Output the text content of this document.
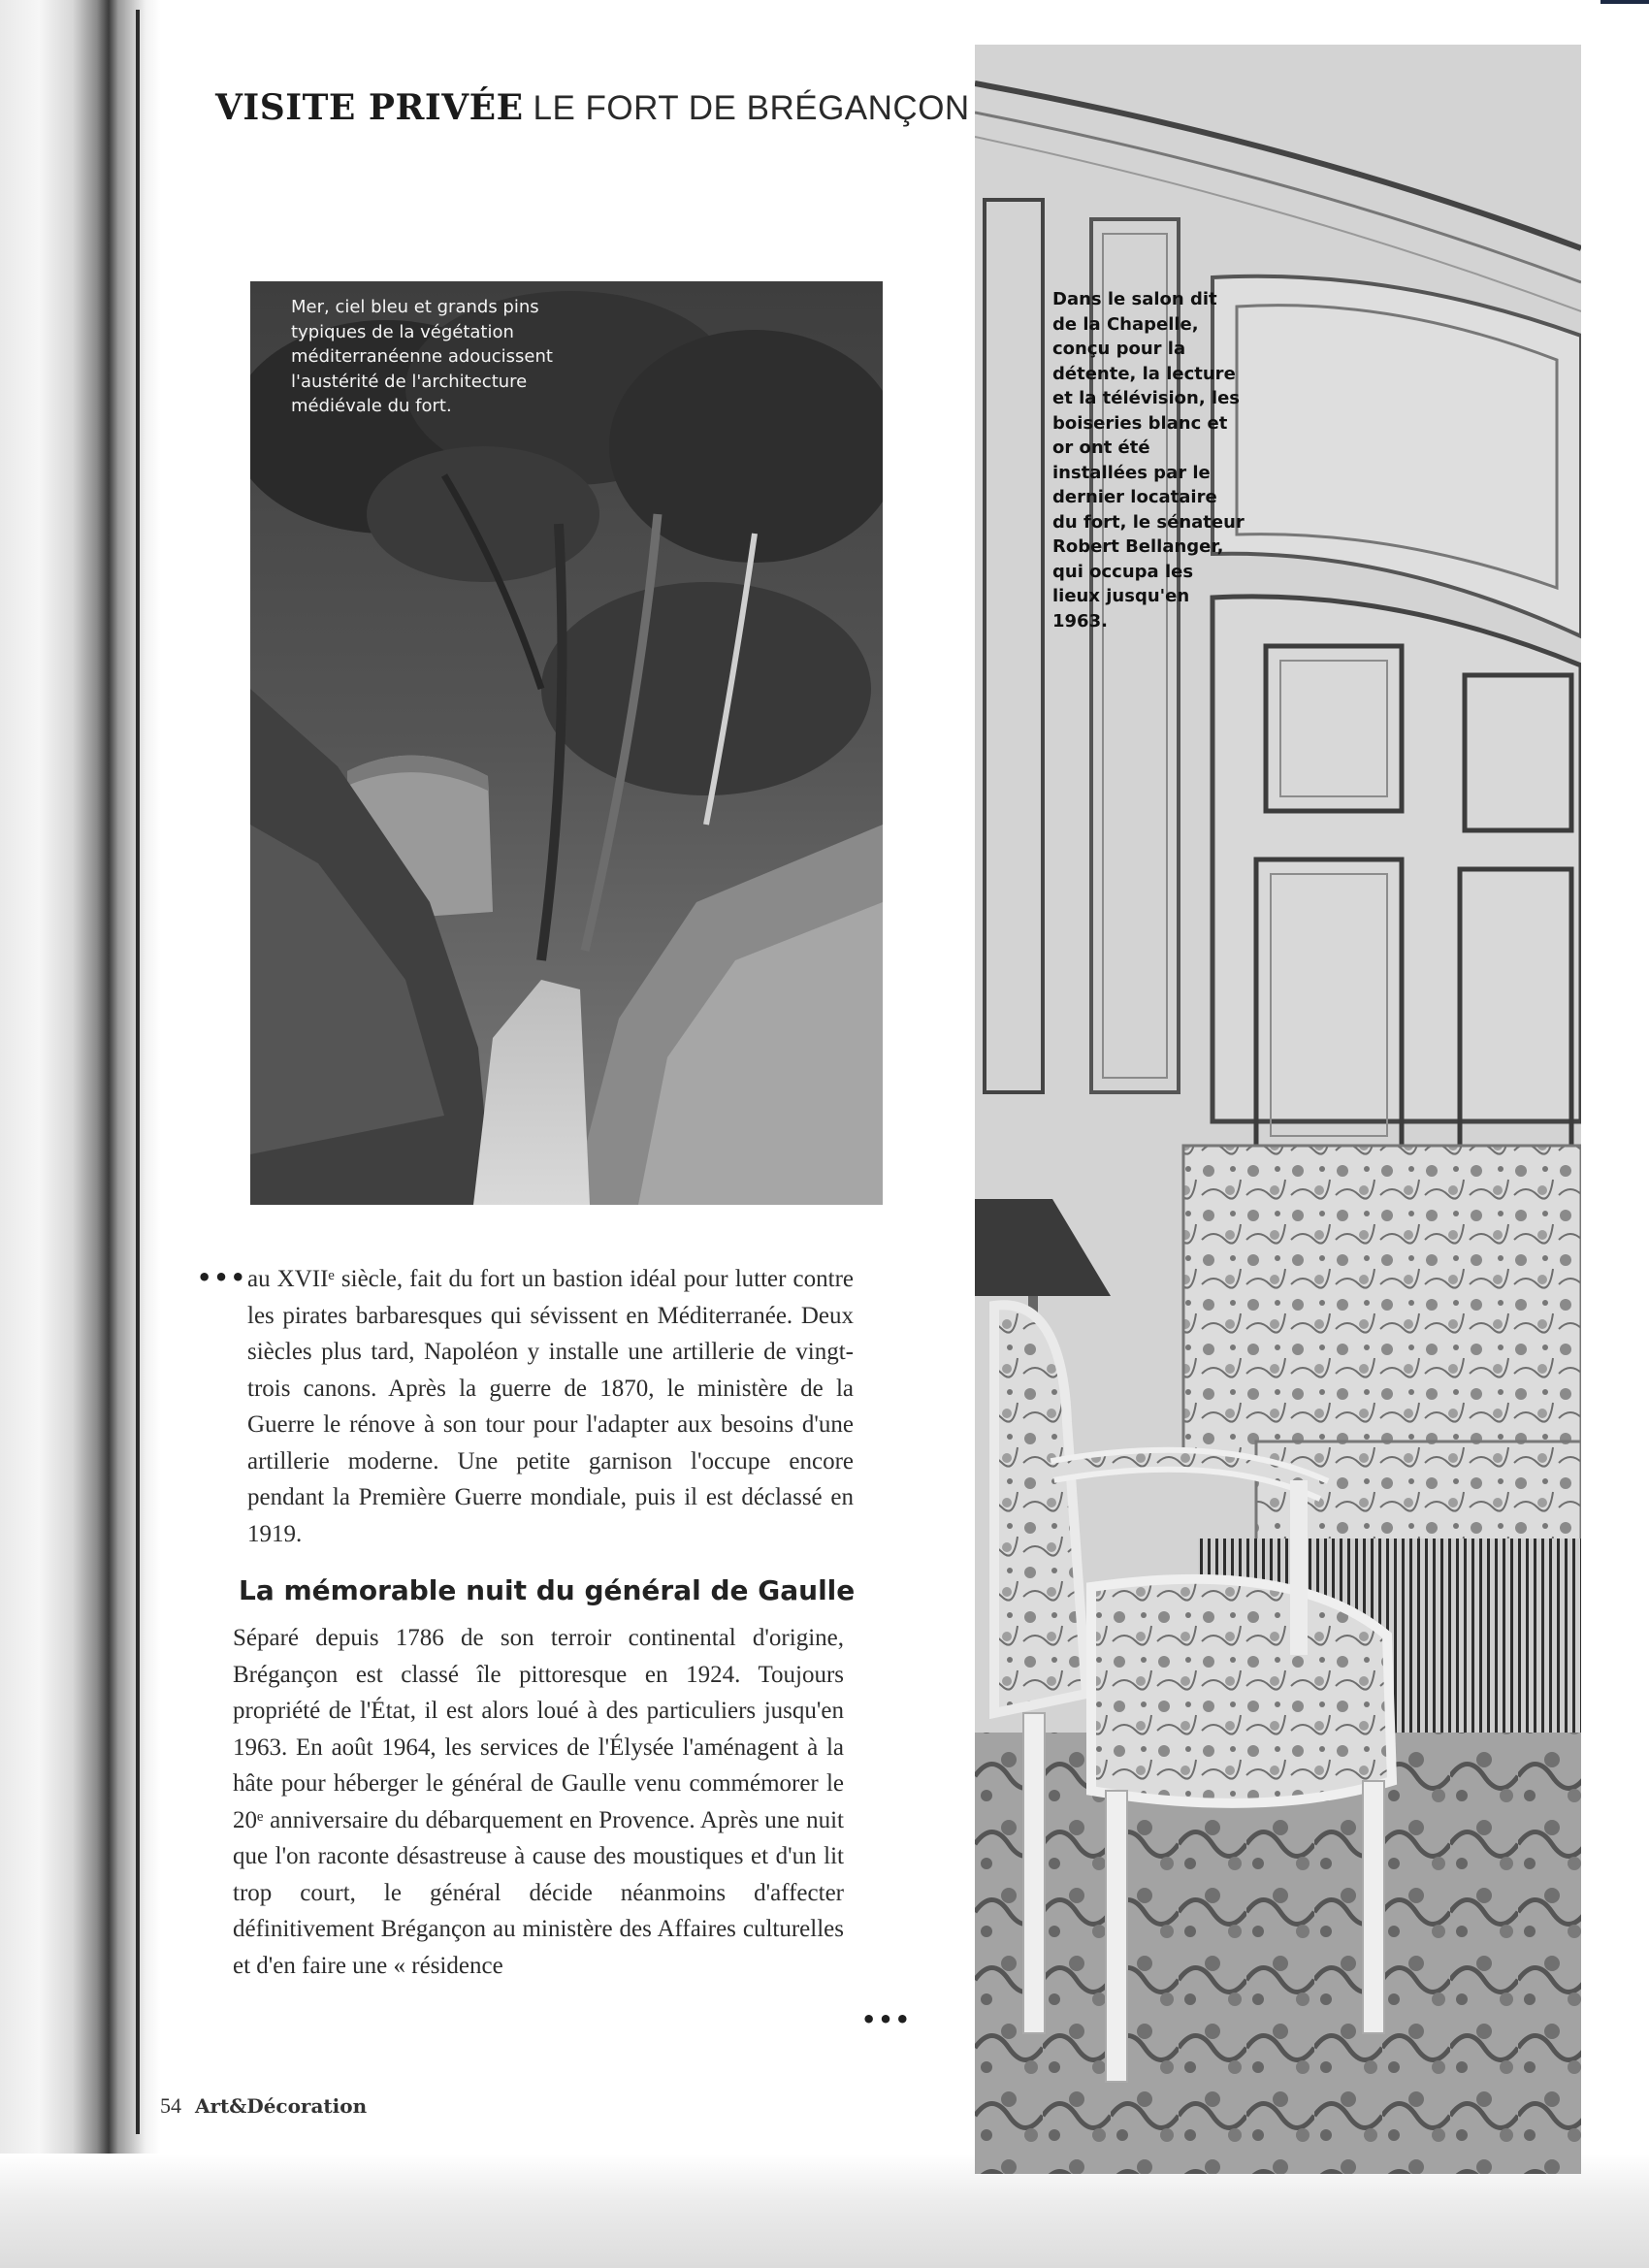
VISITE PRIVÉE LE FORT DE BRÉGANÇON

Mer, ciel bleu et grands pins typiques de la végétation méditerranéenne adoucissent l'austérité de l'architecture médiévale du fort.

Dans le salon dit de la Chapelle, conçu pour la détente, la lecture et la télévision, les boiseries blanc et or ont été installées par le dernier locataire du fort, le sénateur Robert Bellanger, qui occupa les lieux jusqu'en 1963.

••• au XVIIᵉ siècle, fait du fort un bastion idéal pour lutter contre les pirates barbaresques qui sévissent en Méditerranée. Deux siècles plus tard, Napoléon y installe une artillerie de vingt-trois canons. Après la guerre de 1870, le ministère de la Guerre le rénove à son tour pour l'adapter aux besoins d'une artillerie moderne. Une petite garnison l'occupe encore pendant la Première Guerre mondiale, puis il est déclassé en 1919.

La mémorable nuit du général de Gaulle

Séparé depuis 1786 de son terroir continental d'origine, Brégançon est classé île pittoresque en 1924. Toujours propriété de l'État, il est alors loué à des particuliers jusqu'en 1963. En août 1964, les services de l'Élysée l'aménagent à la hâte pour héberger le général de Gaulle venu commémorer le 20ᵉ anniversaire du débarquement en Provence. Après une nuit que l'on raconte désastreuse à cause des moustiques et d'un lit trop court, le général décide néanmoins d'affecter définitivement Brégançon au ministère des Affaires culturelles et d'en faire une « résidence

•••
54 Art&Décoration
